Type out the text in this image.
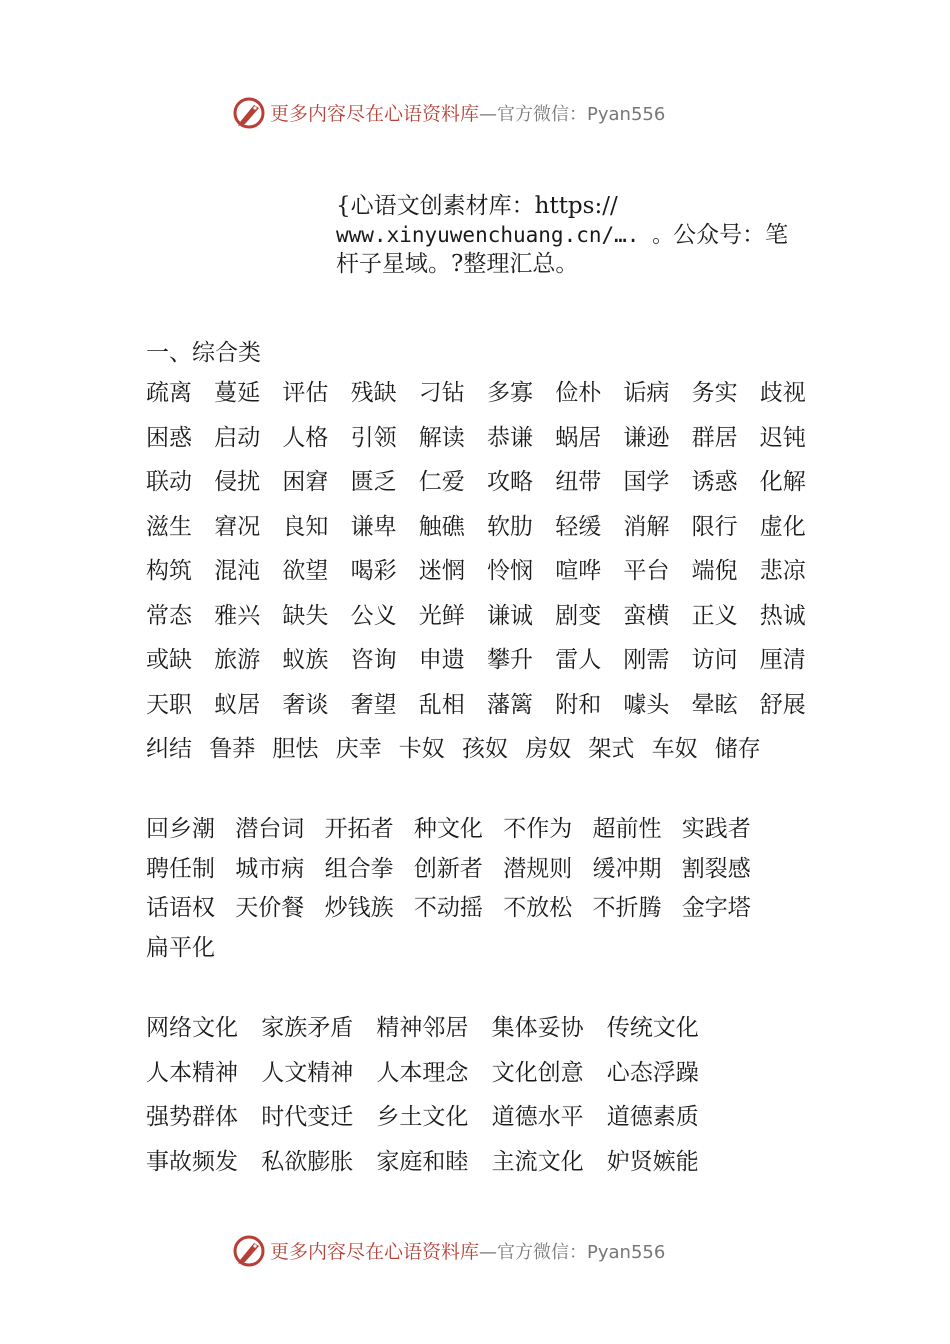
更多内容尽在心语资料库—官方微信：Pyan556
{心语文创素材库：https://
www.xinyuwenchuang.cn/…. 。公众号：笔
杆子星域。?整理汇总。
一、综合类
疏离 蔓延 评估 残缺 刁钻 多寡 俭朴 诟病 务实 歧视
困惑 启动 人格 引领 解读 恭谦 蜗居 谦逊 群居 迟钝
联动 侵扰 困窘 匮乏 仁爱 攻略 纽带 国学 诱惑 化解
滋生 窘况 良知 谦卑 触礁 软肋 轻缓 消解 限行 虚化
构筑 混沌 欲望 喝彩 迷惘 怜悯 喧哗 平台 端倪 悲凉
常态 雅兴 缺失 公义 光鲜 谦诚 剧变 蛮横 正义 热诚
或缺 旅游 蚁族 咨询 申遗 攀升 雷人 刚需 访问 厘清
天职 蚁居 奢谈 奢望 乱相 藩篱 附和 噱头 晕眩 舒展
纠结 鲁莽 胆怯 庆幸 卡奴 孩奴 房奴 架式 车奴 储存
回乡潮 潜台词 开拓者 种文化 不作为 超前性 实践者
聘任制 城市病 组合拳 创新者 潜规则 缓冲期 割裂感
话语权 天价餐 炒钱族 不动摇 不放松 不折腾 金字塔
扁平化
网络文化 家族矛盾 精神邻居 集体妥协 传统文化
人本精神 人文精神 人本理念 文化创意 心态浮躁
强势群体 时代变迁 乡土文化 道德水平 道德素质
事故频发 私欲膨胀 家庭和睦 主流文化 妒贤嫉能
更多内容尽在心语资料库—官方微信：Pyan556
